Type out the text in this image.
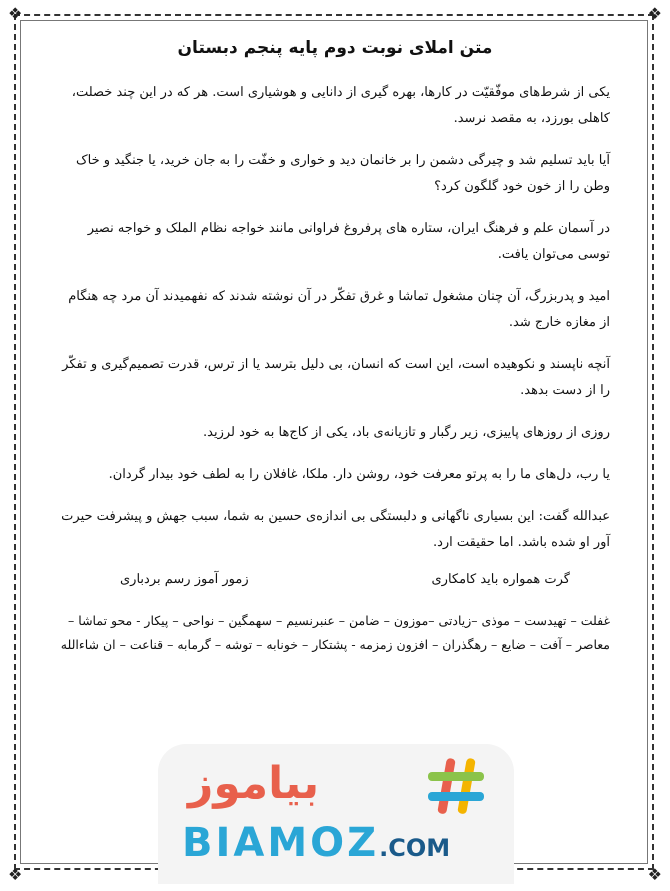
❖	❖
❖	❖
متن املای نوبت دوم پایه پنجم دبستان

یکی از شرط‌های موفّقیّت در کارها، بهره گیری از دانایی و هوشیاری است. هر که در این چند خصلت، کاهلی بورزد، به مقصد نرسد.

آیا باید تسلیم شد و چیرگی دشمن را بر خانمان دید و خواری و خفّت را به جان خرید، یا جنگید و خاک وطن را از خون خود گلگون کرد؟

در آسمان علم و فرهنگ ایران، ستاره های پرفروغ فراوانی مانند خواجه نظام الملک و خواجه نصیر توسی می‌توان یافت.

امید و پدربزرگ، آن چنان مشغول تماشا و غرق تفکّر در آن نوشته شدند که نفهمیدند آن مرد چه هنگام از مغازه خارج شد.

آنچه ناپسند و نکوهیده است، این است که انسان، بی دلیل بترسد یا از ترس، قدرت تصمیم‌گیری و تفکّر را از دست بدهد.

روزی از روزهای پاییزی، زیر رگبار و تازیانه‌ی باد، یکی از کاج‌ها به خود لرزید.

یا رب، دل‌های ما را به پرتو معرفت خود، روشن دار. ملکا، غافلان را به لطف خود بیدار گردان.

عبدالله گفت: این بسیاری ناگهانی و دلبستگی بی اندازه‌ی حسین به شما، سبب جهش و پیشرفت حیرت آور او شده باشد. اما حقیقت ارد.

گرت همواره باید کامکاری
زمور آموز رسم بردباری

غفلت – تهیدست – موذی –زیادتی –موزون – ضامن – عنبرنسیم – سهمگین – نواحی – پیکار - محو تماشا –

معاصر – آفت – ضایع – رهگذران – افزون زمزمه - پشتکار – خونابه – توشه – گرمابه – قناعت – ان شاءالله

بیاموز
BIAMOZ.COM
